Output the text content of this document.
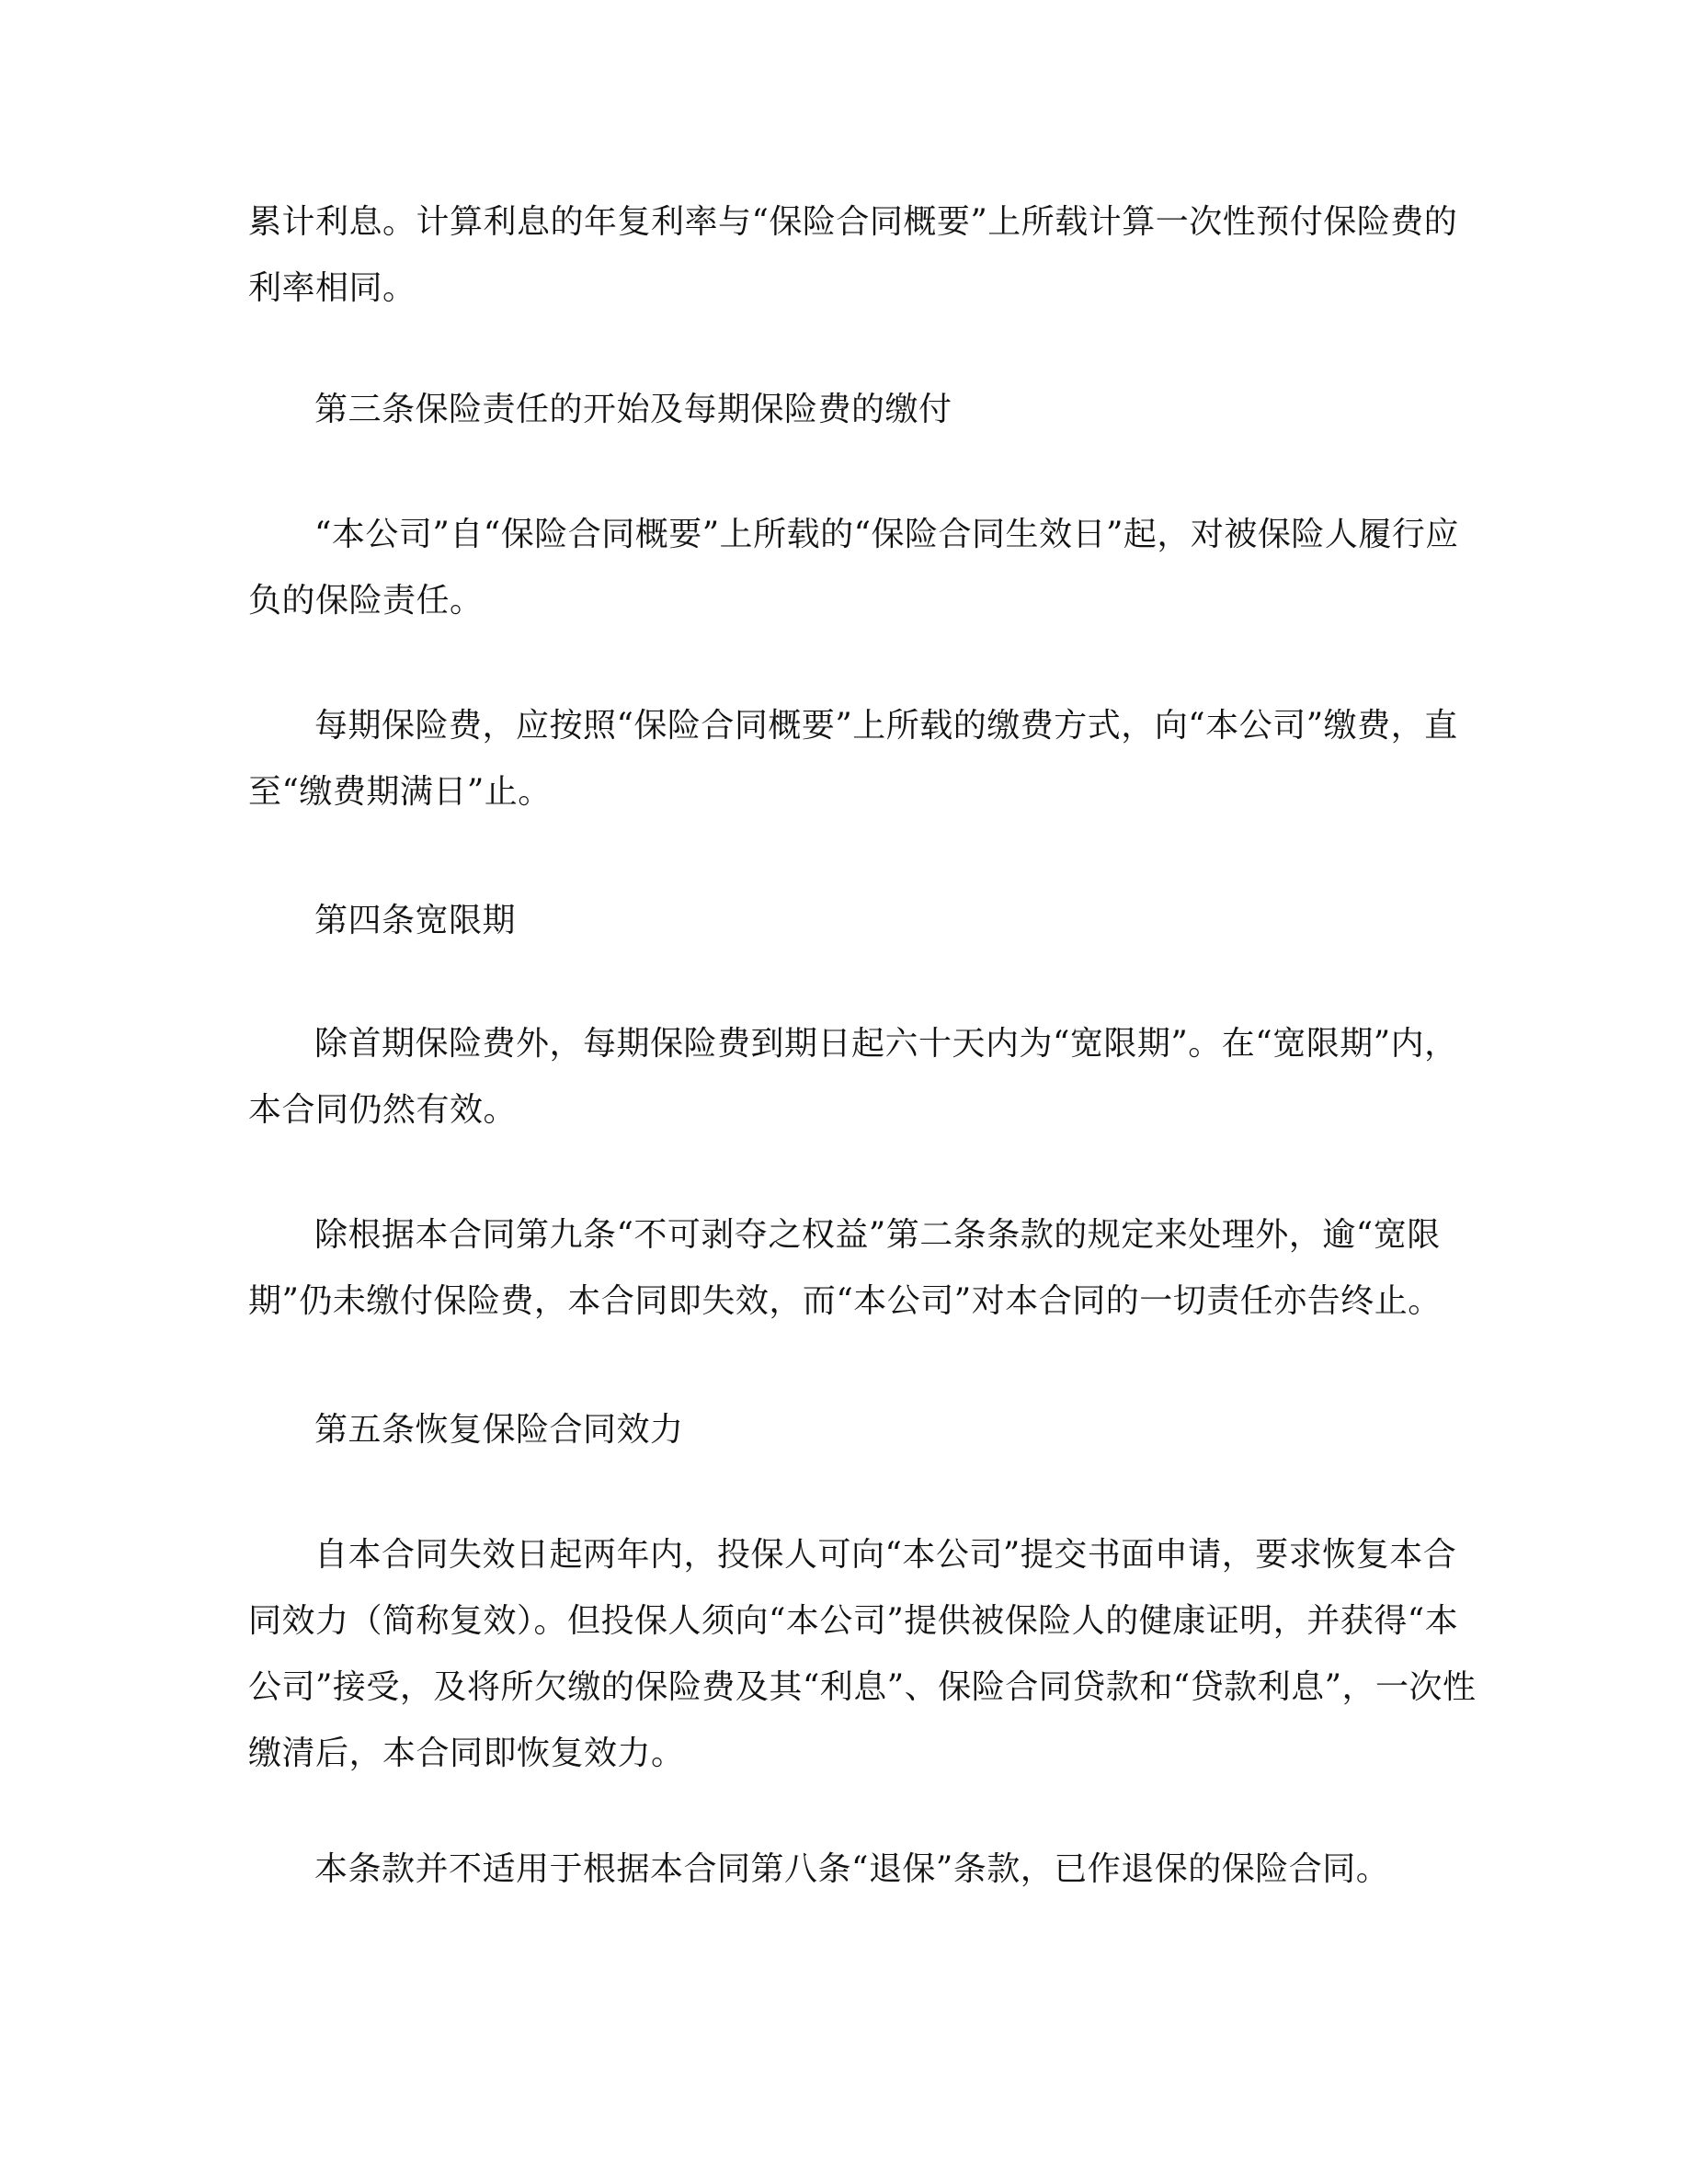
累计利息。计算利息的年复利率与“保险合同概要”上所载计算一次性预付保险费的
利率相同。

第三条保险责任的开始及每期保险费的缴付

“本公司”自“保险合同概要”上所载的“保险合同生效日”起，对被保险人履行应
负的保险责任。

每期保险费，应按照“保险合同概要”上所载的缴费方式，向“本公司”缴费，直
至“缴费期满日”止。

第四条宽限期

除首期保险费外，每期保险费到期日起六十天内为“宽限期”。在“宽限期”内，
本合同仍然有效。

除根据本合同第九条“不可剥夺之权益”第二条条款的规定来处理外，逾“宽限
期”仍未缴付保险费，本合同即失效，而“本公司”对本合同的一切责任亦告终止。

第五条恢复保险合同效力

自本合同失效日起两年内，投保人可向“本公司”提交书面申请，要求恢复本合
同效力（简称复效）。但投保人须向“本公司”提供被保险人的健康证明，并获得“本
公司”接受，及将所欠缴的保险费及其“利息”、保险合同贷款和“贷款利息”，一次性
缴清后，本合同即恢复效力。

本条款并不适用于根据本合同第八条“退保”条款，已作退保的保险合同。
